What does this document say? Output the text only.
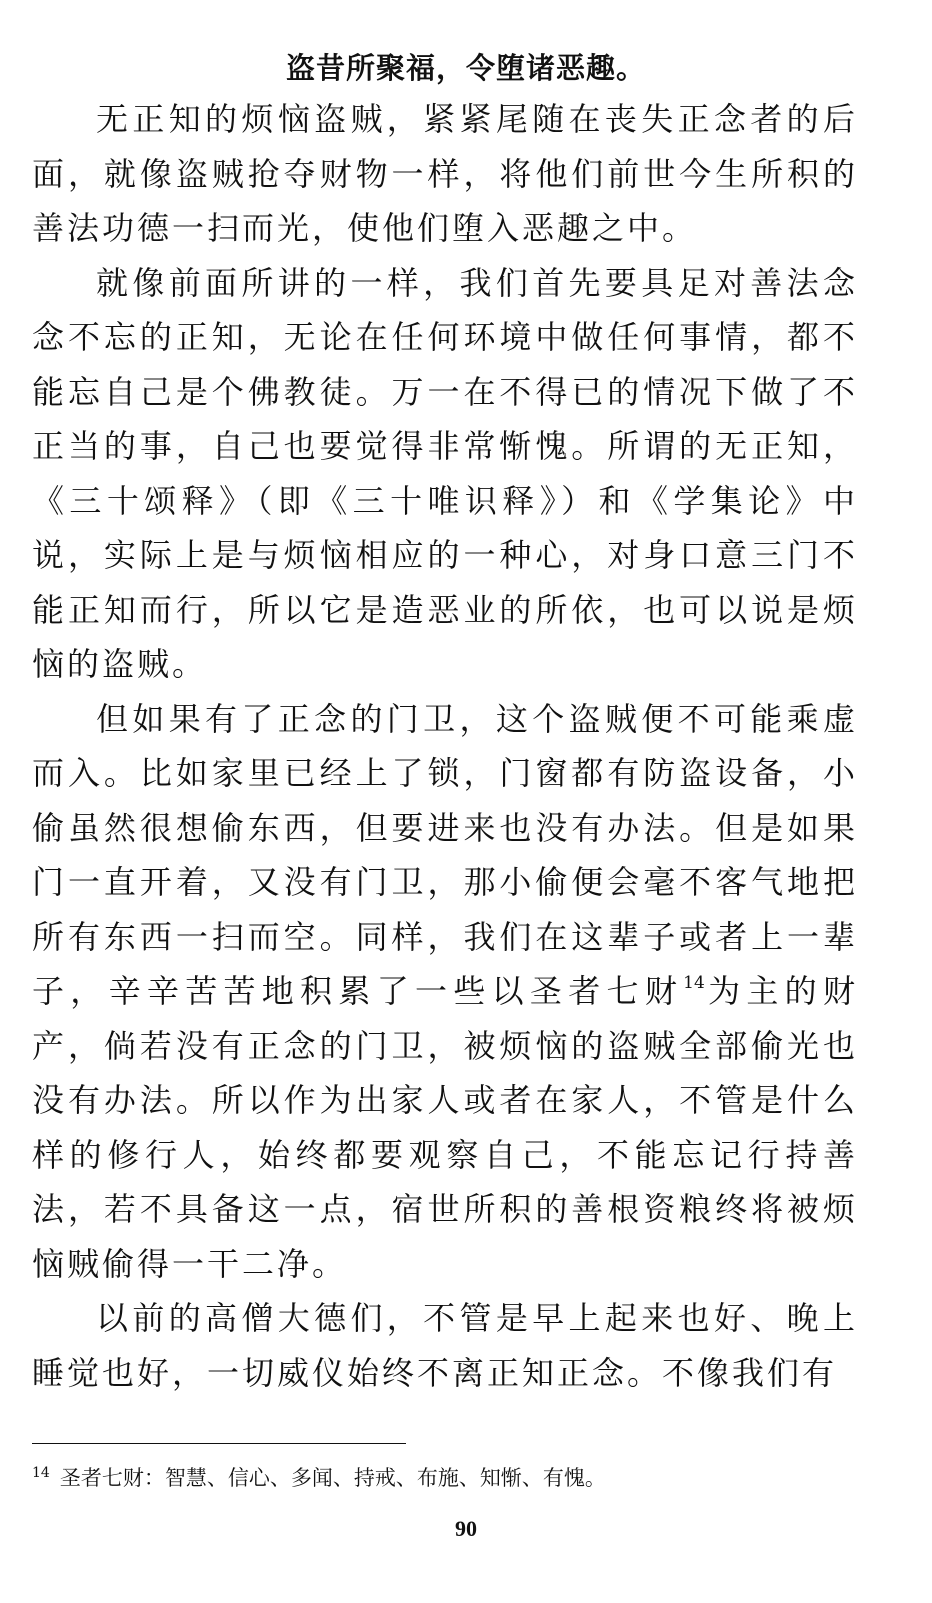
盗昔所聚福，令堕诸恶趣。

无正知的烦恼盗贼，紧紧尾随在丧失正念者的后面，就像盗贼抢夺财物一样，将他们前世今生所积的善法功德一扫而光，使他们堕入恶趣之中。

就像前面所讲的一样，我们首先要具足对善法念念不忘的正知，无论在任何环境中做任何事情，都不能忘自己是个佛教徒。万一在不得已的情况下做了不正当的事，自己也要觉得非常惭愧。所谓的无正知，《三十颂释》（即《三十唯识释》）和《学集论》中说，实际上是与烦恼相应的一种心，对身口意三门不能正知而行，所以它是造恶业的所依，也可以说是烦恼的盗贼。

但如果有了正念的门卫，这个盗贼便不可能乘虚而入。比如家里已经上了锁，门窗都有防盗设备，小偷虽然很想偷东西，但要进来也没有办法。但是如果门一直开着，又没有门卫，那小偷便会毫不客气地把所有东西一扫而空。同样，我们在这辈子或者上一辈子，辛辛苦苦地积累了一些以圣者七财$^{14}$为主的财产，倘若没有正念的门卫，被烦恼的盗贼全部偷光也没有办法。所以作为出家人或者在家人，不管是什么样的修行人，始终都要观察自己，不能忘记行持善法，若不具备这一点，宿世所积的善根资粮终将被烦恼贼偷得一干二净。

以前的高僧大德们，不管是早上起来也好、晚上睡觉也好，一切威仪始终不离正知正念。不像我们有

$^{14}$ 圣者七财：智慧、信心、多闻、持戒、布施、知惭、有愧。
90
